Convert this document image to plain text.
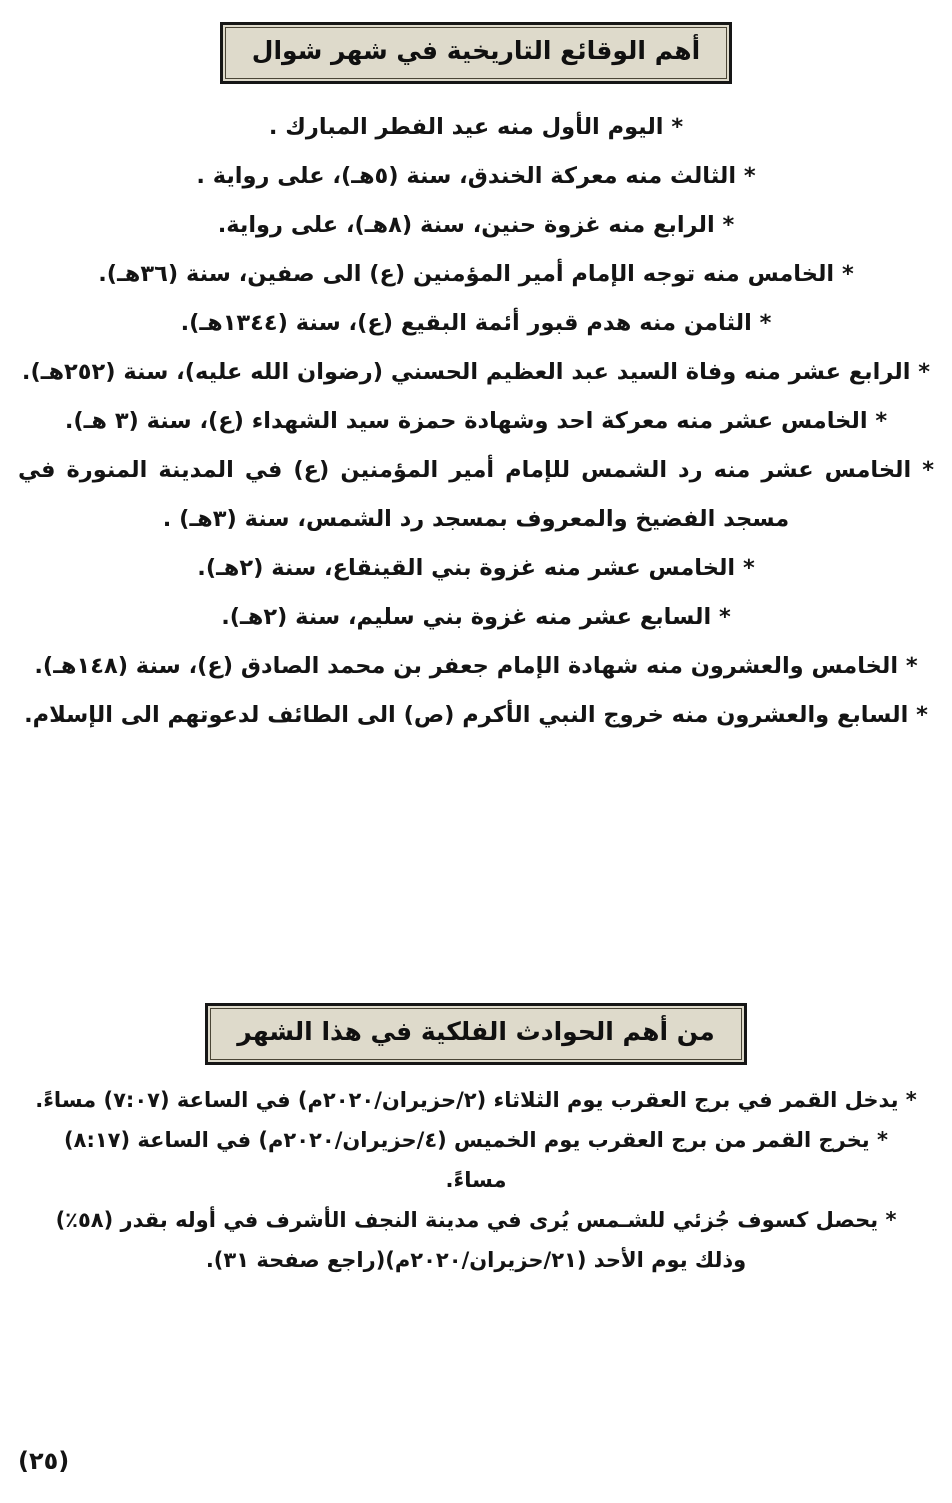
أهم الوقائع التاريخية في شهر شوال

* اليوم الأول منه عيد الفطر المبارك .

* الثالث منه معركة الخندق، سنة (٥هـ)، على رواية .

* الرابع منه غزوة حنين، سنة (٨هـ)، على رواية.

* الخامس منه توجه الإمام أمير المؤمنين (ع) الى صفين، سنة (٣٦هـ).

* الثامن منه هدم قبور أئمة البقيع (ع)، سنة (١٣٤٤هـ).

* الرابع عشر منه وفاة السيد عبد العظيم الحسني (رضوان الله عليه)، سنة (٢٥٢هـ).

* الخامس عشر منه معركة احد وشهادة حمزة سيد الشهداء (ع)، سنة (٣ هـ).

* الخامس عشر منه رد الشمس للإمام أمير المؤمنين (ع) في المدينة المنورة في مسجد الفضيخ والمعروف بمسجد رد الشمس، سنة (٣هـ) .

* الخامس عشر منه غزوة بني القينقاع، سنة (٢هـ).

* السابع عشر منه غزوة بني سليم، سنة (٢هـ).

* الخامس والعشرون منه شهادة الإمام جعفر بن محمد الصادق (ع)، سنة (١٤٨هـ).

* السابع والعشرون منه خروج النبي الأكرم (ص) الى الطائف لدعوتهم الى الإسلام.

من أهم الحوادث الفلكية في هذا الشهر

* يدخل القمر في برج العقرب يوم الثلاثاء (٢/حزيران/٢٠٢٠م) في الساعة (٧:٠٧) مساءً.

* يخرج القمر من برج العقرب يوم الخميس (٤/حزيران/٢٠٢٠م) في الساعة (٨:١٧)

مساءً.

* يحصل كسوف جُزئي للشـمس يُرى في مدينة النجف الأشرف في أوله بقدر (٥٨٪)

وذلك يوم الأحد (٢١/حزيران/٢٠٢٠م)(راجع صفحة ٣١).

(٢٥)
